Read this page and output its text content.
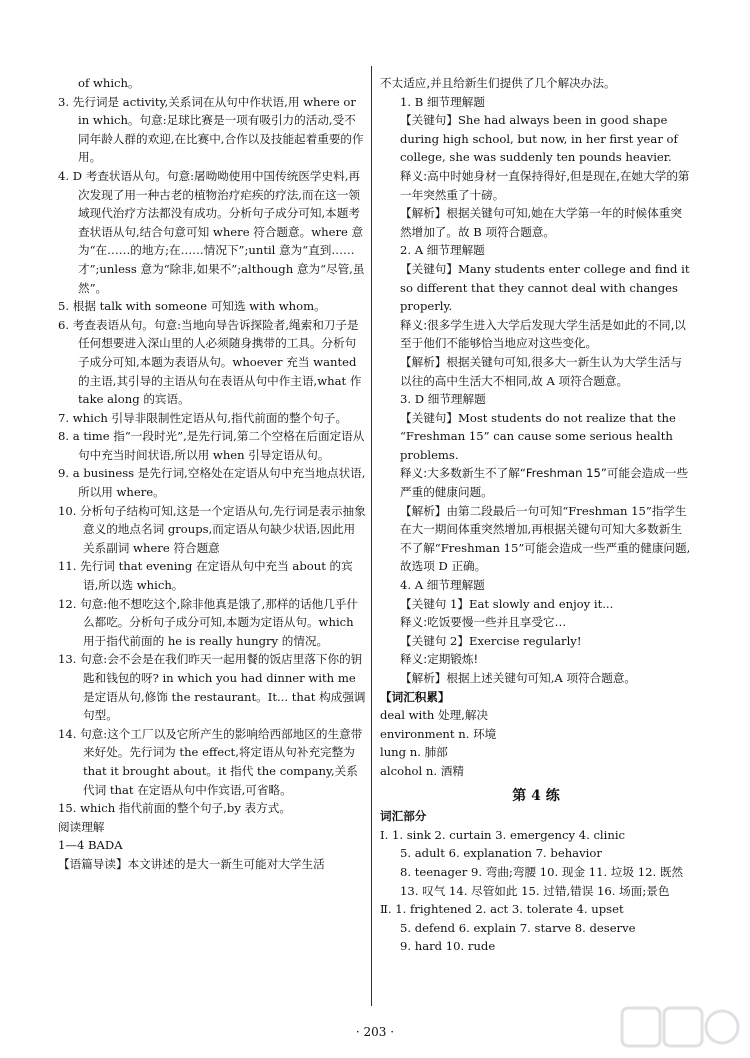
of which。

3. 先行词是 activity,关系词在从句中作状语,用 where or in which。句意:足球比赛是一项有吸引力的活动,受不同年龄人群的欢迎,在比赛中,合作以及技能起着重要的作用。

4. D 考查状语从句。句意:屠呦呦使用中国传统医学史料,再次发现了用一种古老的植物治疗疟疾的疗法,而在这一领域现代治疗方法都没有成功。分析句子成分可知,本题考查状语从句,结合句意可知 where 符合题意。where 意为“在……的地方;在……情况下”;until 意为“直到……才”;unless 意为“除非,如果不”;although 意为“尽管,虽然”。

5. 根据 talk with someone 可知选 with whom。

6. 考查表语从句。句意:当地向导告诉探险者,绳索和刀子是任何想要进入深山里的人必须随身携带的工具。分析句子成分可知,本题为表语从句。whoever 充当 wanted 的主语,其引导的主语从句在表语从句中作主语,what 作 take along 的宾语。

7. which 引导非限制性定语从句,指代前面的整个句子。

8. a time 指“一段时光”,是先行词,第二个空格在后面定语从句中充当时间状语,所以用 when 引导定语从句。

9. a business 是先行词,空格处在定语从句中充当地点状语,所以用 where。

10. 分析句子结构可知,这是一个定语从句,先行词是表示抽象意义的地点名词 groups,而定语从句缺少状语,因此用关系副词 where 符合题意

11. 先行词 that evening 在定语从句中充当 about 的宾语,所以选 which。

12. 句意:他不想吃这个,除非他真是饿了,那样的话他几乎什么都吃。分析句子成分可知,本题为定语从句。which 用于指代前面的 he is really hungry 的情况。

13. 句意:会不会是在我们昨天一起用餐的饭店里落下你的钥匙和钱包的呀? in which you had dinner with me 是定语从句,修饰 the restaurant。It... that 构成强调句型。

14. 句意:这个工厂以及它所产生的影响给西部地区的生意带来好处。先行词为 the effect,将定语从句补充完整为 that it brought about。it 指代 the company,关系代词 that 在定语从句中作宾语,可省略。

15. which 指代前面的整个句子,by 表方式。

阅读理解

1—4 BADA

【语篇导读】本文讲述的是大一新生可能对大学生活

不太适应,并且给新生们提供了几个解决办法。

1. B 细节理解题

【关键句】She had always been in good shape during high school, but now, in her first year of college, she was suddenly ten pounds heavier.

释义:高中时她身材一直保持得好,但是现在,在她大学的第一年突然重了十磅。

【解析】根据关键句可知,她在大学第一年的时候体重突然增加了。故 B 项符合题意。

2. A 细节理解题

【关键句】Many students enter college and find it so different that they cannot deal with changes properly.

释义:很多学生进入大学后发现大学生活是如此的不同,以至于他们不能够恰当地应对这些变化。

【解析】根据关键句可知,很多大一新生认为大学生活与以往的高中生活大不相同,故 A 项符合题意。

3. D 细节理解题

【关键句】Most students do not realize that the “Freshman 15” can cause some serious health problems.

释义:大多数新生不了解“Freshman 15”可能会造成一些严重的健康问题。

【解析】由第二段最后一句可知“Freshman 15”指学生在大一期间体重突然增加,再根据关键句可知大多数新生不了解“Freshman 15”可能会造成一些严重的健康问题,故选项 D 正确。

4. A 细节理解题

【关键句 1】Eat slowly and enjoy it...

释义:吃饭要慢一些并且享受它…

【关键句 2】Exercise regularly!

释义:定期锻炼!

【解析】根据上述关键句可知,A 项符合题意。

【词汇积累】

deal with 处理,解决

environment n. 环境

lung n. 肺部

alcohol n. 酒精

第 4 练

词汇部分

Ⅰ. 1. sink 2. curtain 3. emergency 4. clinic

5. adult 6. explanation 7. behavior

8. teenager 9. 弯曲;弯腰 10. 现金 11. 垃圾 12. 既然 13. 叹气 14. 尽管如此 15. 过错,错误 16. 场面;景色

Ⅱ. 1. frightened 2. act 3. tolerate 4. upset

5. defend 6. explain 7. starve 8. deserve

9. hard 10. rude

· 203 ·
